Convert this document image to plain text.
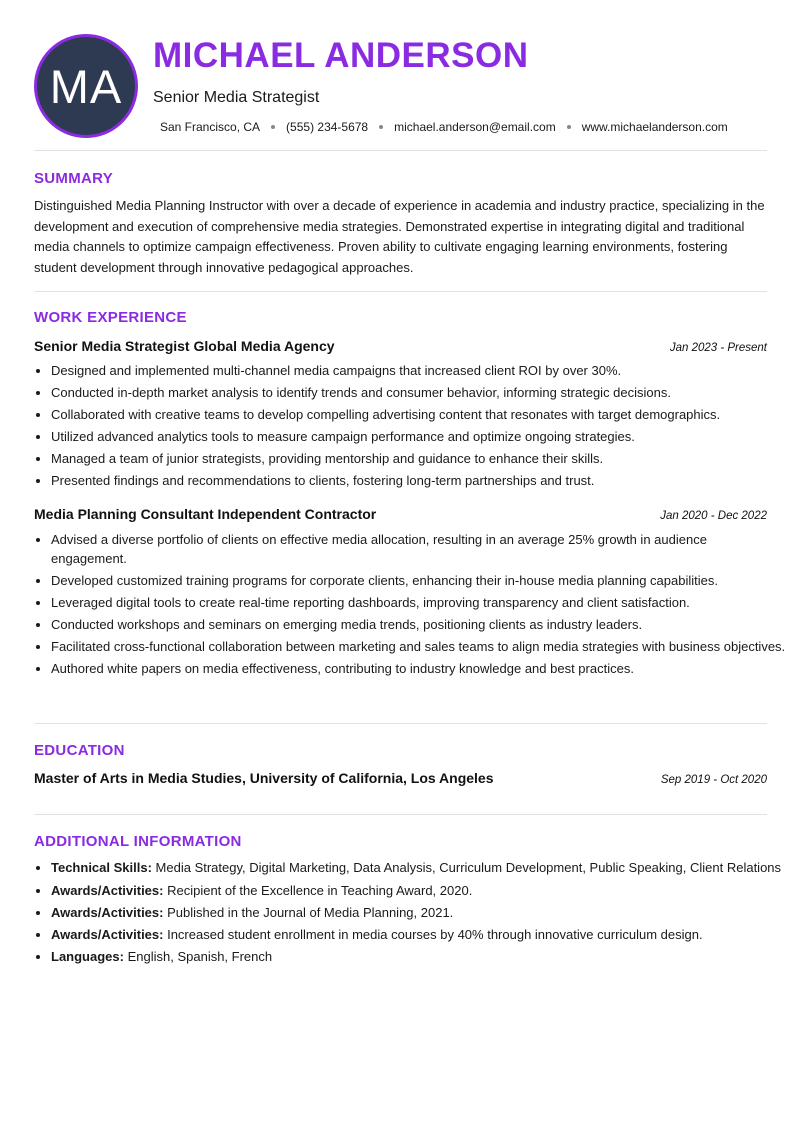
MA
MICHAEL ANDERSON
Senior Media Strategist
San Francisco, CA (555) 234-5678 michael.anderson@email.com www.michaelanderson.com
SUMMARY
Distinguished Media Planning Instructor with over a decade of experience in academia and industry practice, specializing in the development and execution of comprehensive media strategies. Demonstrated expertise in integrating digital and traditional media channels to optimize campaign effectiveness. Proven ability to cultivate engaging learning environments, fostering student development through innovative pedagogical approaches.
WORK EXPERIENCE
Senior Media Strategist Global Media Agency	Jan 2023 - Present
• Designed and implemented multi-channel media campaigns that increased client ROI by over 30%.
• Conducted in-depth market analysis to identify trends and consumer behavior, informing strategic decisions.
• Collaborated with creative teams to develop compelling advertising content that resonates with target demographics.
• Utilized advanced analytics tools to measure campaign performance and optimize ongoing strategies.
• Managed a team of junior strategists, providing mentorship and guidance to enhance their skills.
• Presented findings and recommendations to clients, fostering long-term partnerships and trust.
Media Planning Consultant Independent Contractor	Jan 2020 - Dec 2022
• Advised a diverse portfolio of clients on effective media allocation, resulting in an average 25% growth in audience engagement.
• Developed customized training programs for corporate clients, enhancing their in-house media planning capabilities.
• Leveraged digital tools to create real-time reporting dashboards, improving transparency and client satisfaction.
• Conducted workshops and seminars on emerging media trends, positioning clients as industry leaders.
• Facilitated cross-functional collaboration between marketing and sales teams to align media strategies with business objectives.
• Authored white papers on media effectiveness, contributing to industry knowledge and best practices.
EDUCATION
Master of Arts in Media Studies, University of California, Los Angeles	Sep 2019 - Oct 2020
ADDITIONAL INFORMATION
• Technical Skills: Media Strategy, Digital Marketing, Data Analysis, Curriculum Development, Public Speaking, Client Relations
• Awards/Activities: Recipient of the Excellence in Teaching Award, 2020.
• Awards/Activities: Published in the Journal of Media Planning, 2021.
• Awards/Activities: Increased student enrollment in media courses by 40% through innovative curriculum design.
• Languages: English, Spanish, French
